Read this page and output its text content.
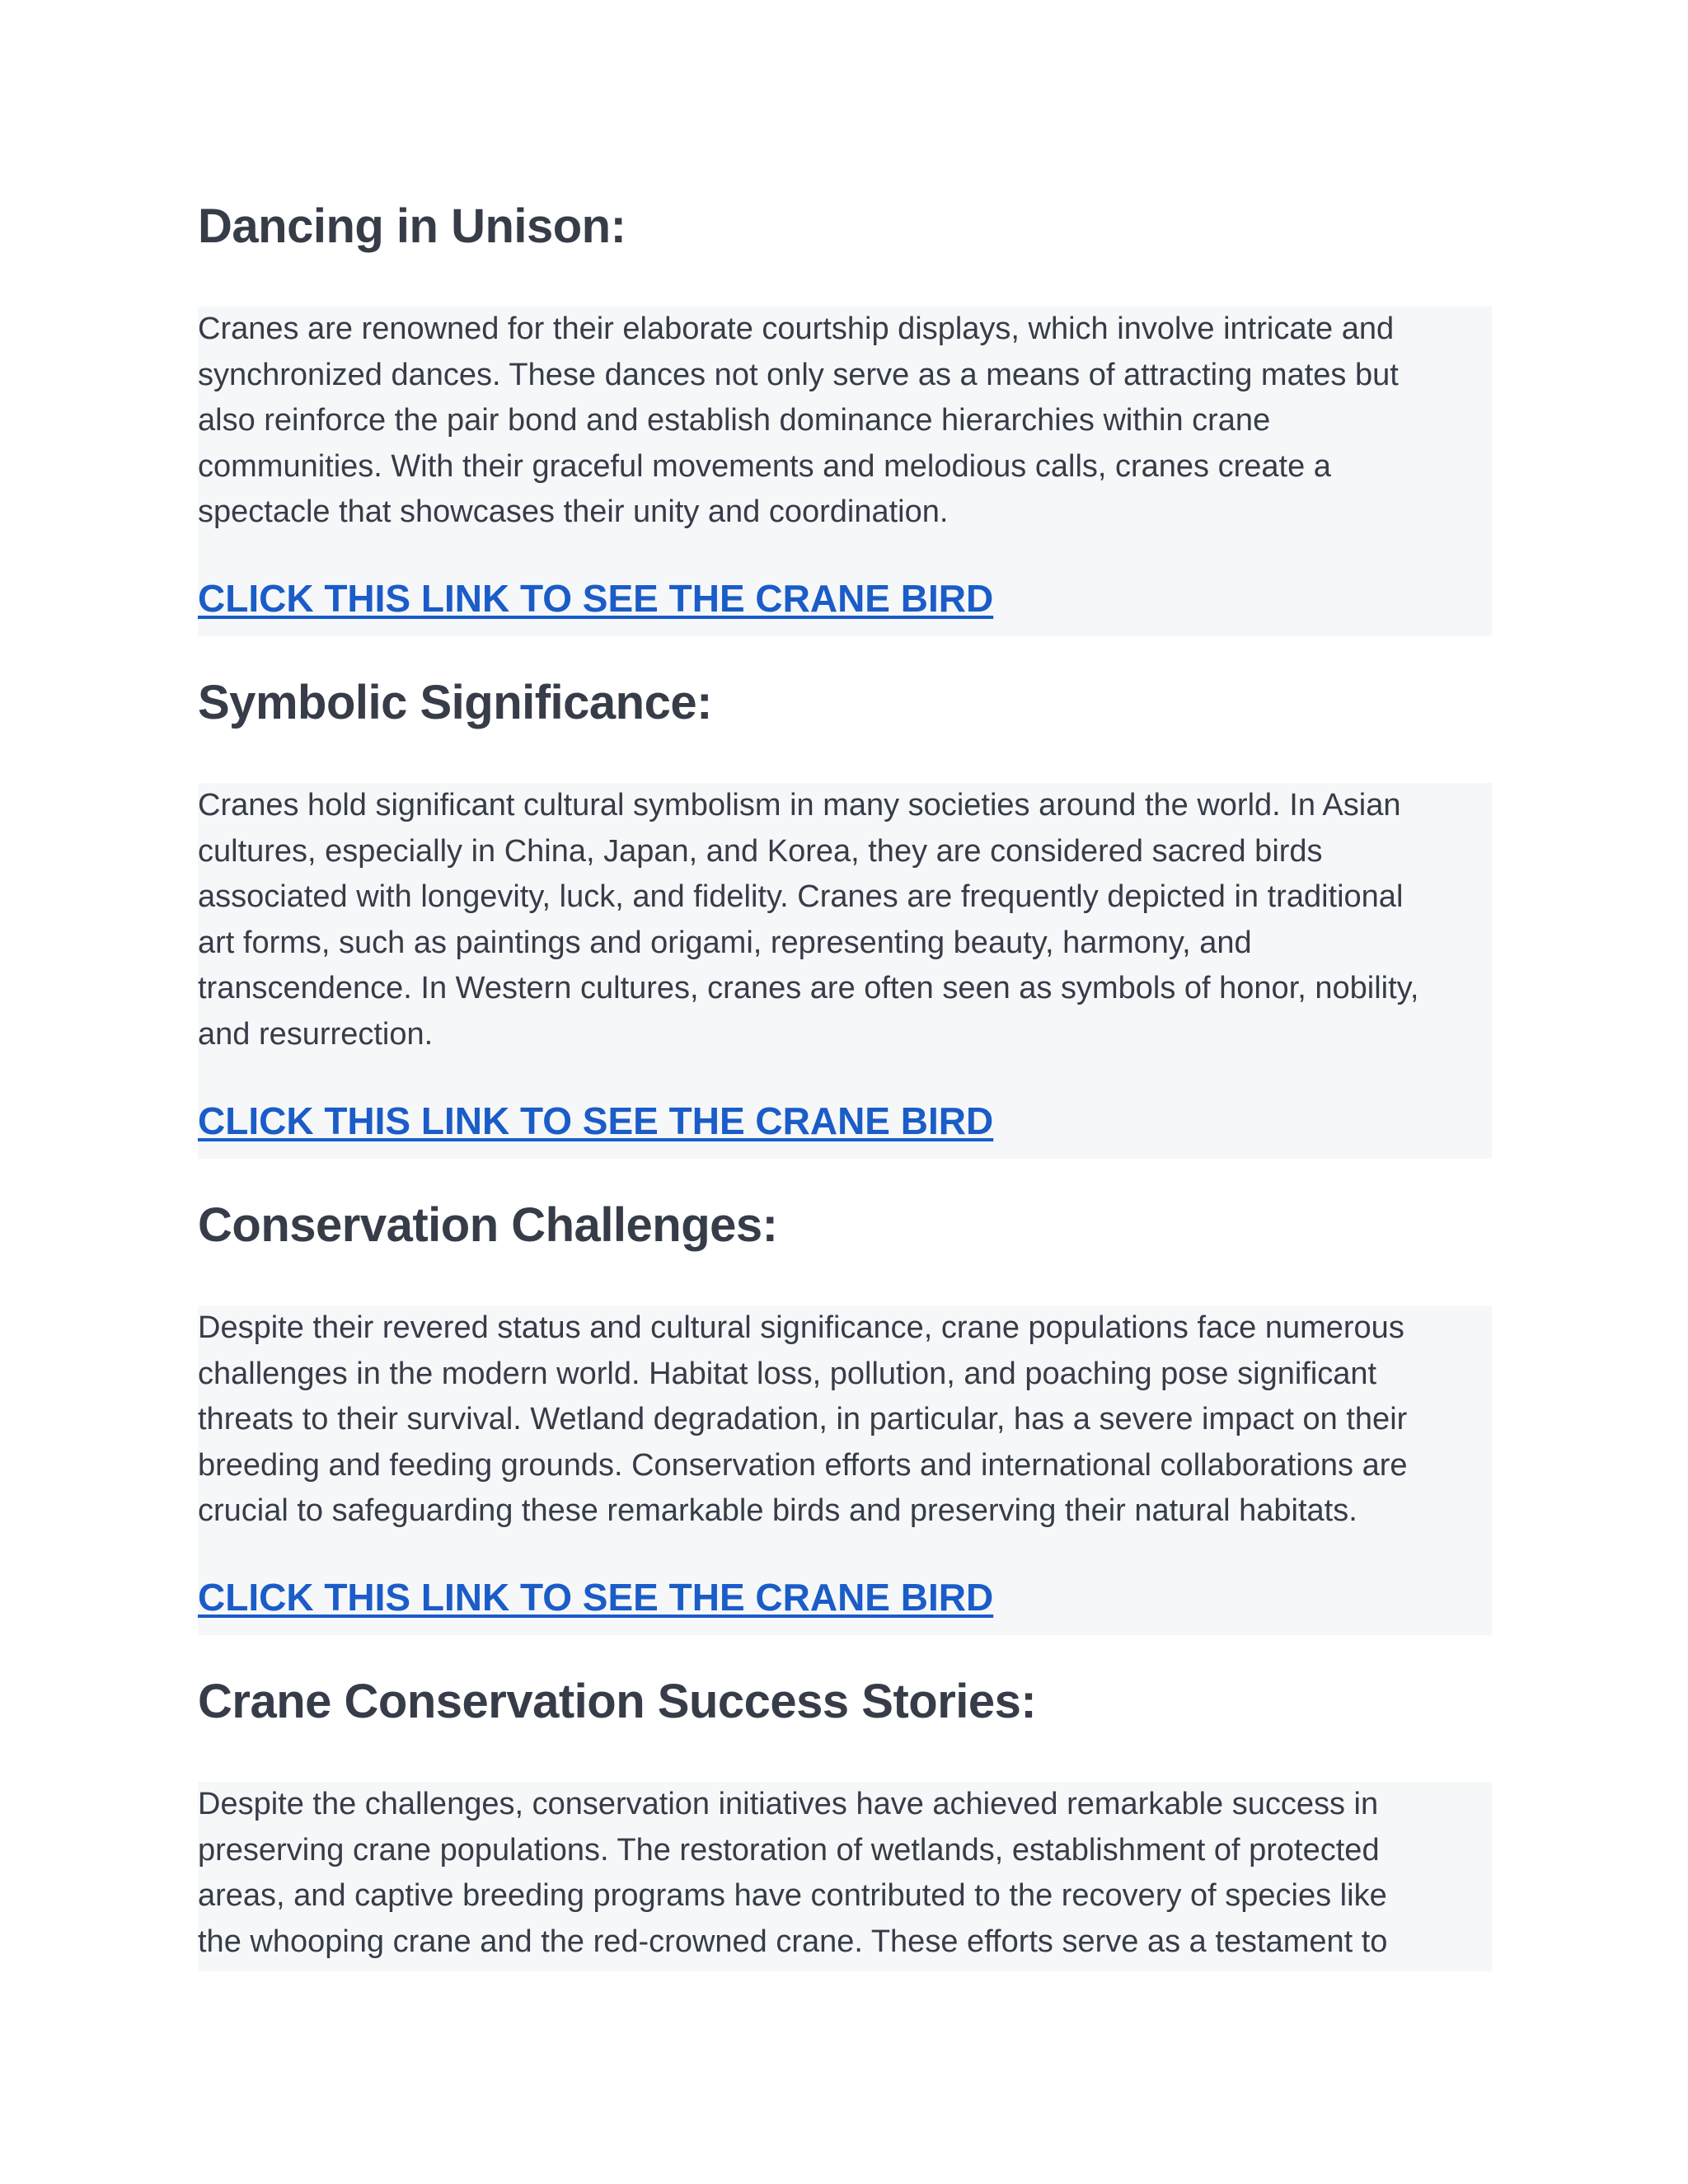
Dancing in Unison:

Cranes are renowned for their elaborate courtship displays, which involve intricate and
synchronized dances. These dances not only serve as a means of attracting mates but
also reinforce the pair bond and establish dominance hierarchies within crane
communities. With their graceful movements and melodious calls, cranes create a
spectacle that showcases their unity and coordination.

CLICK THIS LINK TO SEE THE CRANE BIRD
Symbolic Significance:

Cranes hold significant cultural symbolism in many societies around the world. In Asian
cultures, especially in China, Japan, and Korea, they are considered sacred birds
associated with longevity, luck, and fidelity. Cranes are frequently depicted in traditional
art forms, such as paintings and origami, representing beauty, harmony, and
transcendence. In Western cultures, cranes are often seen as symbols of honor, nobility,
and resurrection.

CLICK THIS LINK TO SEE THE CRANE BIRD
Conservation Challenges:

Despite their revered status and cultural significance, crane populations face numerous
challenges in the modern world. Habitat loss, pollution, and poaching pose significant
threats to their survival. Wetland degradation, in particular, has a severe impact on their
breeding and feeding grounds. Conservation efforts and international collaborations are
crucial to safeguarding these remarkable birds and preserving their natural habitats.

CLICK THIS LINK TO SEE THE CRANE BIRD
Crane Conservation Success Stories:

Despite the challenges, conservation initiatives have achieved remarkable success in
preserving crane populations. The restoration of wetlands, establishment of protected
areas, and captive breeding programs have contributed to the recovery of species like
the whooping crane and the red-crowned crane. These efforts serve as a testament to
